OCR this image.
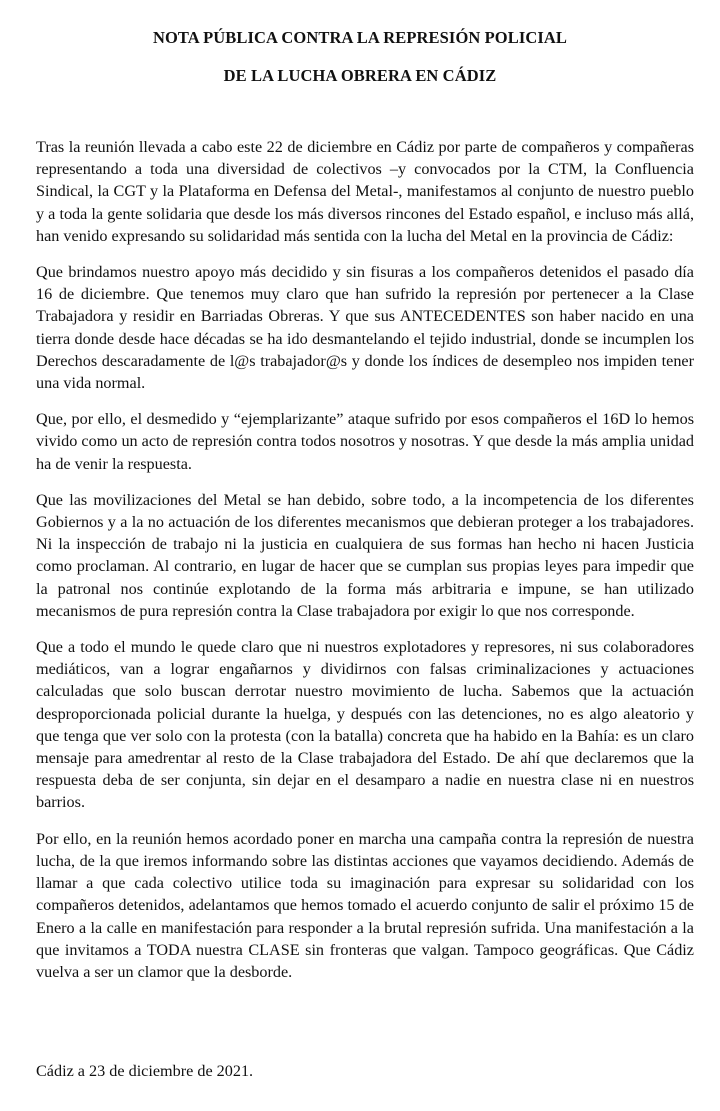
NOTA PÚBLICA CONTRA LA REPRESIÓN POLICIAL
DE LA LUCHA OBRERA EN CÁDIZ

Tras la reunión llevada a cabo este 22 de diciembre en Cádiz por parte de compañeros y compañeras representando a toda una diversidad de colectivos –y convocados por la CTM, la Confluencia Sindical, la CGT y la Plataforma en Defensa del Metal-, manifestamos al conjunto de nuestro pueblo y a toda la gente solidaria que desde los más diversos rincones del Estado español, e incluso más allá, han venido expresando su solidaridad más sentida con la lucha del Metal en la provincia de Cádiz:

Que brindamos nuestro apoyo más decidido y sin fisuras a los compañeros detenidos el pasado día 16 de diciembre. Que tenemos muy claro que han sufrido la represión por pertenecer a la Clase Trabajadora y residir en Barriadas Obreras. Y que sus ANTECEDENTES son haber nacido en una tierra donde desde hace décadas se ha ido desmantelando el tejido industrial, donde se incumplen los Derechos descaradamente de l@s trabajador@s y donde los índices de desempleo nos impiden tener una vida normal.

Que, por ello, el desmedido y “ejemplarizante” ataque sufrido por esos compañeros el 16D lo hemos vivido como un acto de represión contra todos nosotros y nosotras. Y que desde la más amplia unidad ha de venir la respuesta.

Que las movilizaciones del Metal se han debido, sobre todo, a la incompetencia de los diferentes Gobiernos y a la no actuación de los diferentes mecanismos que debieran proteger a los trabajadores. Ni la inspección de trabajo ni la justicia en cualquiera de sus formas han hecho ni hacen Justicia como proclaman. Al contrario, en lugar de hacer que se cumplan sus propias leyes para impedir que la patronal nos continúe explotando de la forma más arbitraria e impune, se han utilizado mecanismos de pura represión contra la Clase trabajadora por exigir lo que nos corresponde.

Que a todo el mundo le quede claro que ni nuestros explotadores y represores, ni sus colaboradores mediáticos, van a lograr engañarnos y dividirnos con falsas criminalizaciones y actuaciones calculadas que solo buscan derrotar nuestro movimiento de lucha. Sabemos que la actuación desproporcionada policial durante la huelga, y después con las detenciones, no es algo aleatorio y que tenga que ver solo con la protesta (con la batalla) concreta que ha habido en la Bahía: es un claro mensaje para amedrentar al resto de la Clase trabajadora del Estado. De ahí que declaremos que la respuesta deba de ser conjunta, sin dejar en el desamparo a nadie en nuestra clase ni en nuestros barrios.

Por ello, en la reunión hemos acordado poner en marcha una campaña contra la represión de nuestra lucha, de la que iremos informando sobre las distintas acciones que vayamos decidiendo. Además de llamar a que cada colectivo utilice toda su imaginación para expresar su solidaridad con los compañeros detenidos, adelantamos que hemos tomado el acuerdo conjunto de salir el próximo 15 de Enero a la calle en manifestación para responder a la brutal represión sufrida. Una manifestación a la que invitamos a TODA nuestra CLASE sin fronteras que valgan. Tampoco geográficas. Que Cádiz vuelva a ser un clamor que la desborde.

Cádiz a 23 de diciembre de 2021.
